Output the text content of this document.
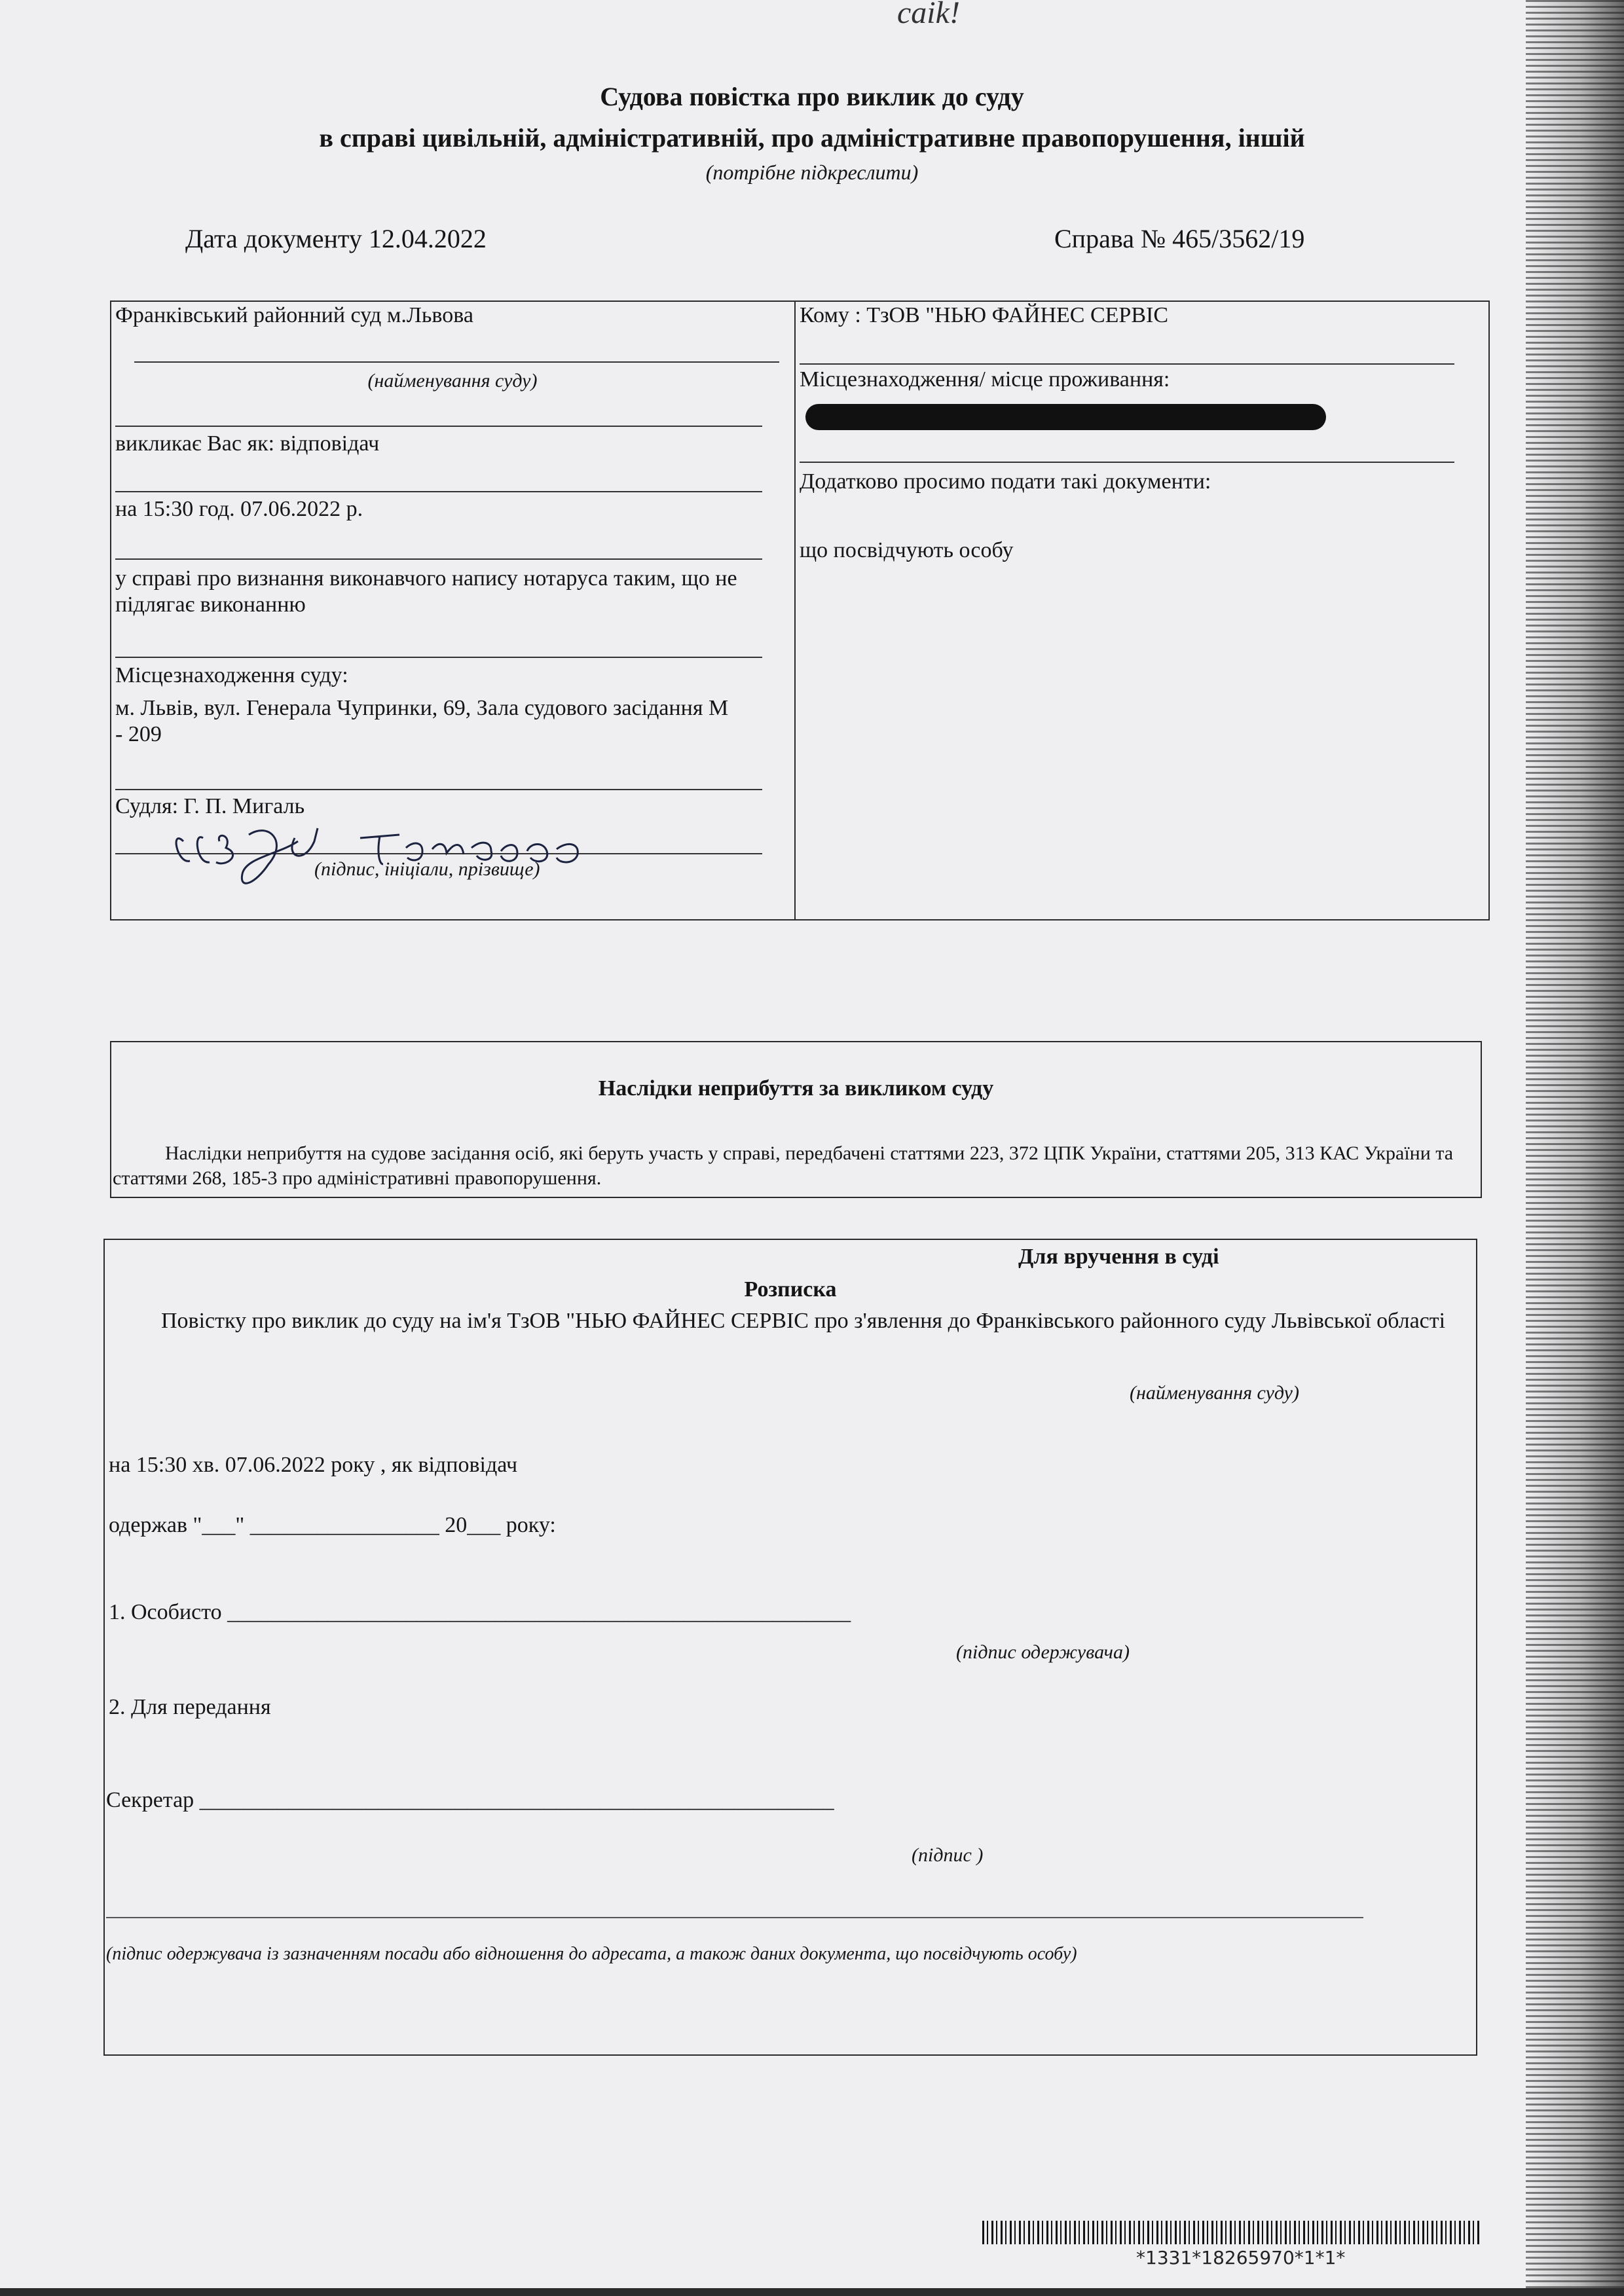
Судова повістка про виклик до суду
в справі цивільній, адміністративній, про адміністративне правопорушення, іншій
(потрібне підкреслити)
Дата документу 12.04.2022	Справа № 465/3562/19
caik!
Франківський районний суд м.Львова
(найменування суду)
викликає Вас як: відповідач
на 15:30 год. 07.06.2022 р.
у справі про визнання виконавчого напису нотаруса таким, що не підлягає виконанню
Місцезнаходження суду:
м. Львів, вул. Генерала Чупринки, 69, Зала судового засідання М - 209
Судля: Г. П. Мигаль
(підпис, ініціали, прізвище)
Кому : ТзОВ "НЬЮ ФАЙНЕС СЕРВІС
Місцезнаходження/ місце проживання:
Додатково просимо подати такі документи:
що посвідчують особу
Наслідки неприбуття за викликом суду
Наслідки неприбуття на судове засідання осіб, які беруть участь у справі, передбачені статтями 223, 372 ЦПК України, статтями 205, 313 КАС України та статтями 268, 185-3 про адміністративні правопорушення.
Для вручення в суді
Розписка
Повістку про виклик до суду на ім'я ТзОВ "НЬЮ ФАЙНЕС СЕРВІС про з'явлення до Франківського районного суду Львівської області
(найменування суду)
на 15:30 хв. 07.06.2022 року , як відповідач
одержав "___" _________________ 20___ року:
1. Особисто ________________________________________________________
(підпис одержувача)
2. Для передання
Секретар _________________________________________________________
(підпис )
(підпис одержувача із зазначенням посади або відношення до адресата, а також даних документа, що посвідчують особу)
*1331*18265970*1*1*
